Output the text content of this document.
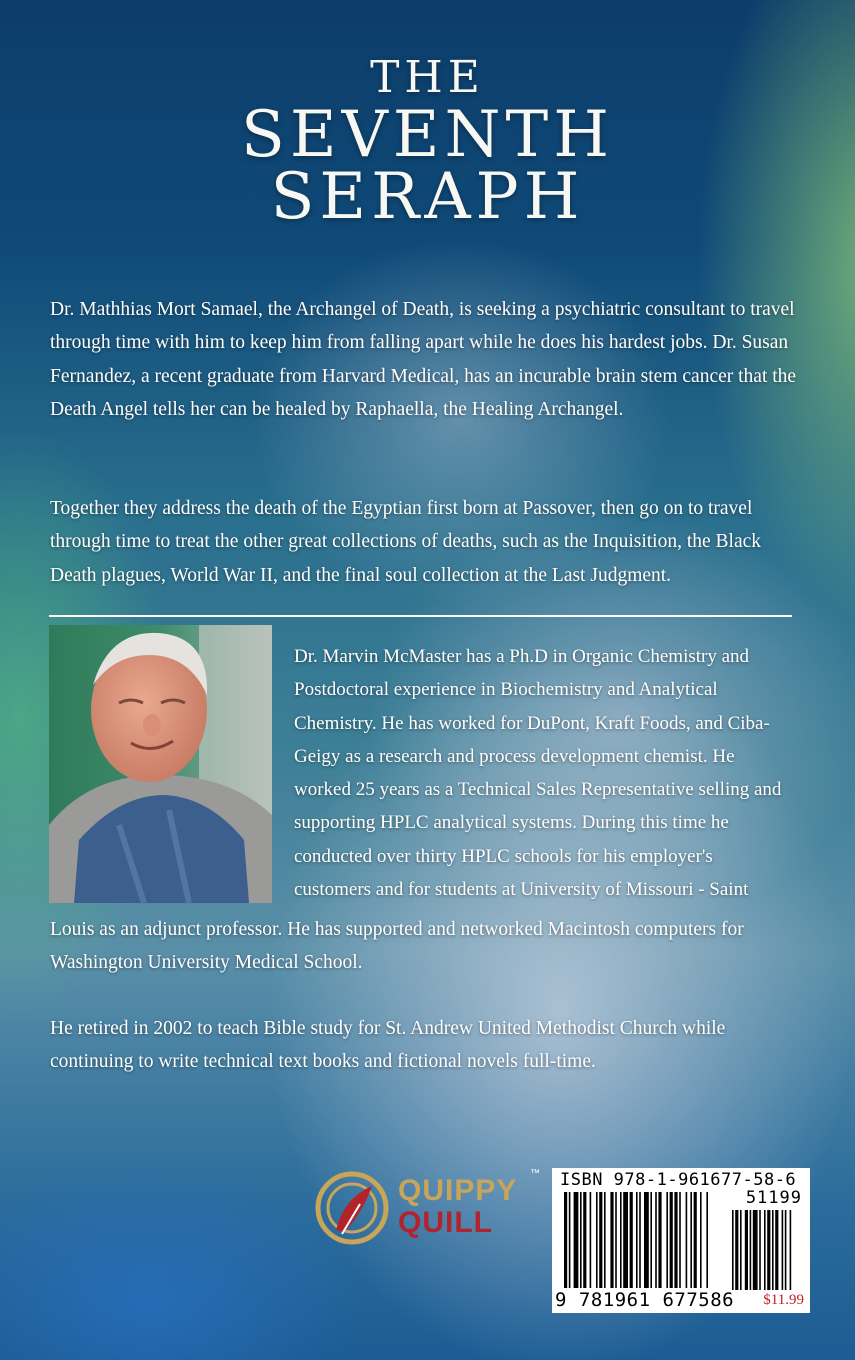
THE
SEVENTH
SERAPH

Dr. Mathhias Mort Samael, the Archangel of Death, is seeking a psychiatric consultant to travel through time with him to keep him from falling apart while he does his hardest jobs. Dr. Susan Fernandez, a recent graduate from Harvard Medical, has an incurable brain stem cancer that the Death Angel tells her can be healed by Raphaella, the Healing Archangel.

Together they address the death of the Egyptian first born at Passover, then go on to travel through time to treat the other great collections of deaths, such as the Inquisition, the Black Death plagues, World War II, and the final soul collection at the Last Judgment.

Dr. Marvin McMaster has a Ph.D in Organic Chemistry and Postdoctoral experience in Biochemistry and Analytical Chemistry. He has worked for DuPont, Kraft Foods, and Ciba-Geigy as a research and process development chemist. He worked 25 years as a Technical Sales Representative selling and supporting HPLC analytical systems. During this time he conducted over thirty HPLC schools for his employer's customers and for students at University of Missouri - Saint

Louis as an adjunct professor. He has supported and networked Macintosh computers for Washington University Medical School.

He retired in 2002 to teach Bible study for St. Andrew United Methodist Church while continuing to write technical text books and fictional novels full-time.

QUIPPY
QUILL
™ ISBN 978-1-961677-58-6
51199
9 781961 677586 $11.99
